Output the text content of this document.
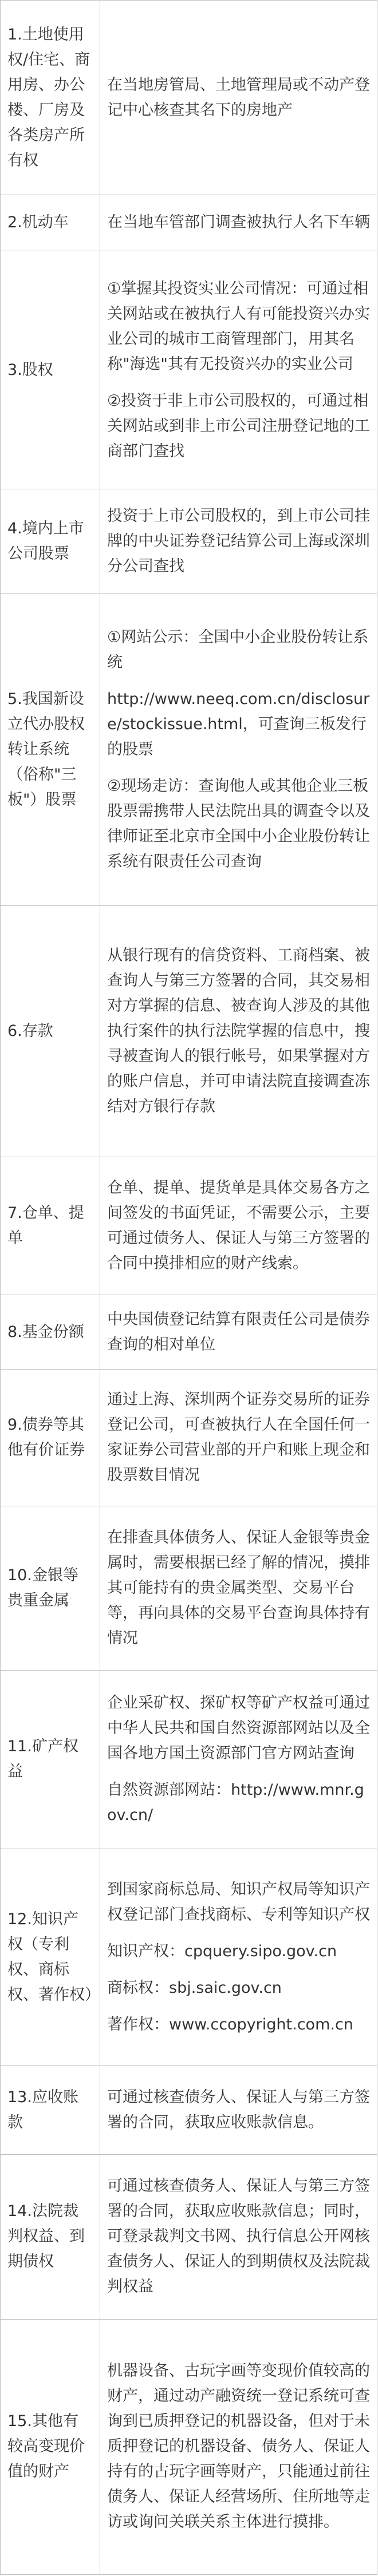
1.土地使用权/住宅、商用房、办公楼、厂房及各类房产所有权	在当地房管局、土地管理局或不动产登记中心核查其名下的房地产

2.机动车	在当地车管部门调查被执行人名下车辆

3.股权	①掌握其投资实业公司情况：可通过相关网站或在被执行人有可能投资兴办实业公司的城市工商管理部门，用其名称"海选"其有无投资兴办的实业公司
②投资于非上市公司股权的，可通过相关网站或到非上市公司注册登记地的工商部门查找

4.境内上市公司股票	投资于上市公司股权的，到上市公司挂牌的中央证券登记结算公司上海或深圳分公司查找

5.我国新设立代办股权转让系统（俗称"三板"）股票	①网站公示：全国中小企业股份转让系统
http://www.neeq.com.cn/disclosure/stockissue.html，可查询三板发行的股票
②现场走访：查询他人或其他企业三板股票需携带人民法院出具的调查令以及律师证至北京市全国中小企业股份转让系统有限责任公司查询

6.存款	从银行现有的信贷资料、工商档案、被查询人与第三方签署的合同，其交易相对方掌握的信息、被查询人涉及的其他执行案件的执行法院掌握的信息中，搜寻被查询人的银行帐号，如果掌握对方的账户信息，并可申请法院直接调查冻结对方银行存款

7.仓单、提单	仓单、提单、提货单是具体交易各方之间签发的书面凭证，不需要公示，主要可通过债务人、保证人与第三方签署的合同中摸排相应的财产线索。

8.基金份额	中央国债登记结算有限责任公司是债券查询的相对单位

9.债券等其他有价证券	通过上海、深圳两个证券交易所的证券登记公司，可查被执行人在全国任何一家证券公司营业部的开户和账上现金和股票数目情况

10.金银等贵重金属	在排查具体债务人、保证人金银等贵金属时，需要根据已经了解的情况，摸排其可能持有的贵金属类型、交易平台等，再向具体的交易平台查询具体持有情况

11.矿产权益	企业采矿权、探矿权等矿产权益可通过中华人民共和国自然资源部网站以及全国各地方国土资源部门官方网站查询
自然资源部网站：http://www.mnr.gov.cn/

12.知识产权（专利权、商标权、著作权）	到国家商标总局、知识产权局等知识产权登记部门查找商标、专利等知识产权
知识产权：cpquery.sipo.gov.cn
商标权：sbj.saic.gov.cn
著作权：www.ccopyright.com.cn

13.应收账款	可通过核查债务人、保证人与第三方签署的合同，获取应收账款信息。

14.法院裁判权益、到期债权	可通过核查债务人、保证人与第三方签署的合同，获取应收账款信息；同时，可登录裁判文书网、执行信息公开网核查债务人、保证人的到期债权及法院裁判权益

15.其他有较高变现价值的财产	机器设备、古玩字画等变现价值较高的财产，通过动产融资统一登记系统可查询到已质押登记的机器设备，但对于未质押登记的机器设备、债务人、保证人持有的古玩字画等财产，只能通过前往债务人、保证人经营场所、住所地等走访或询问关联关系主体进行摸排。
